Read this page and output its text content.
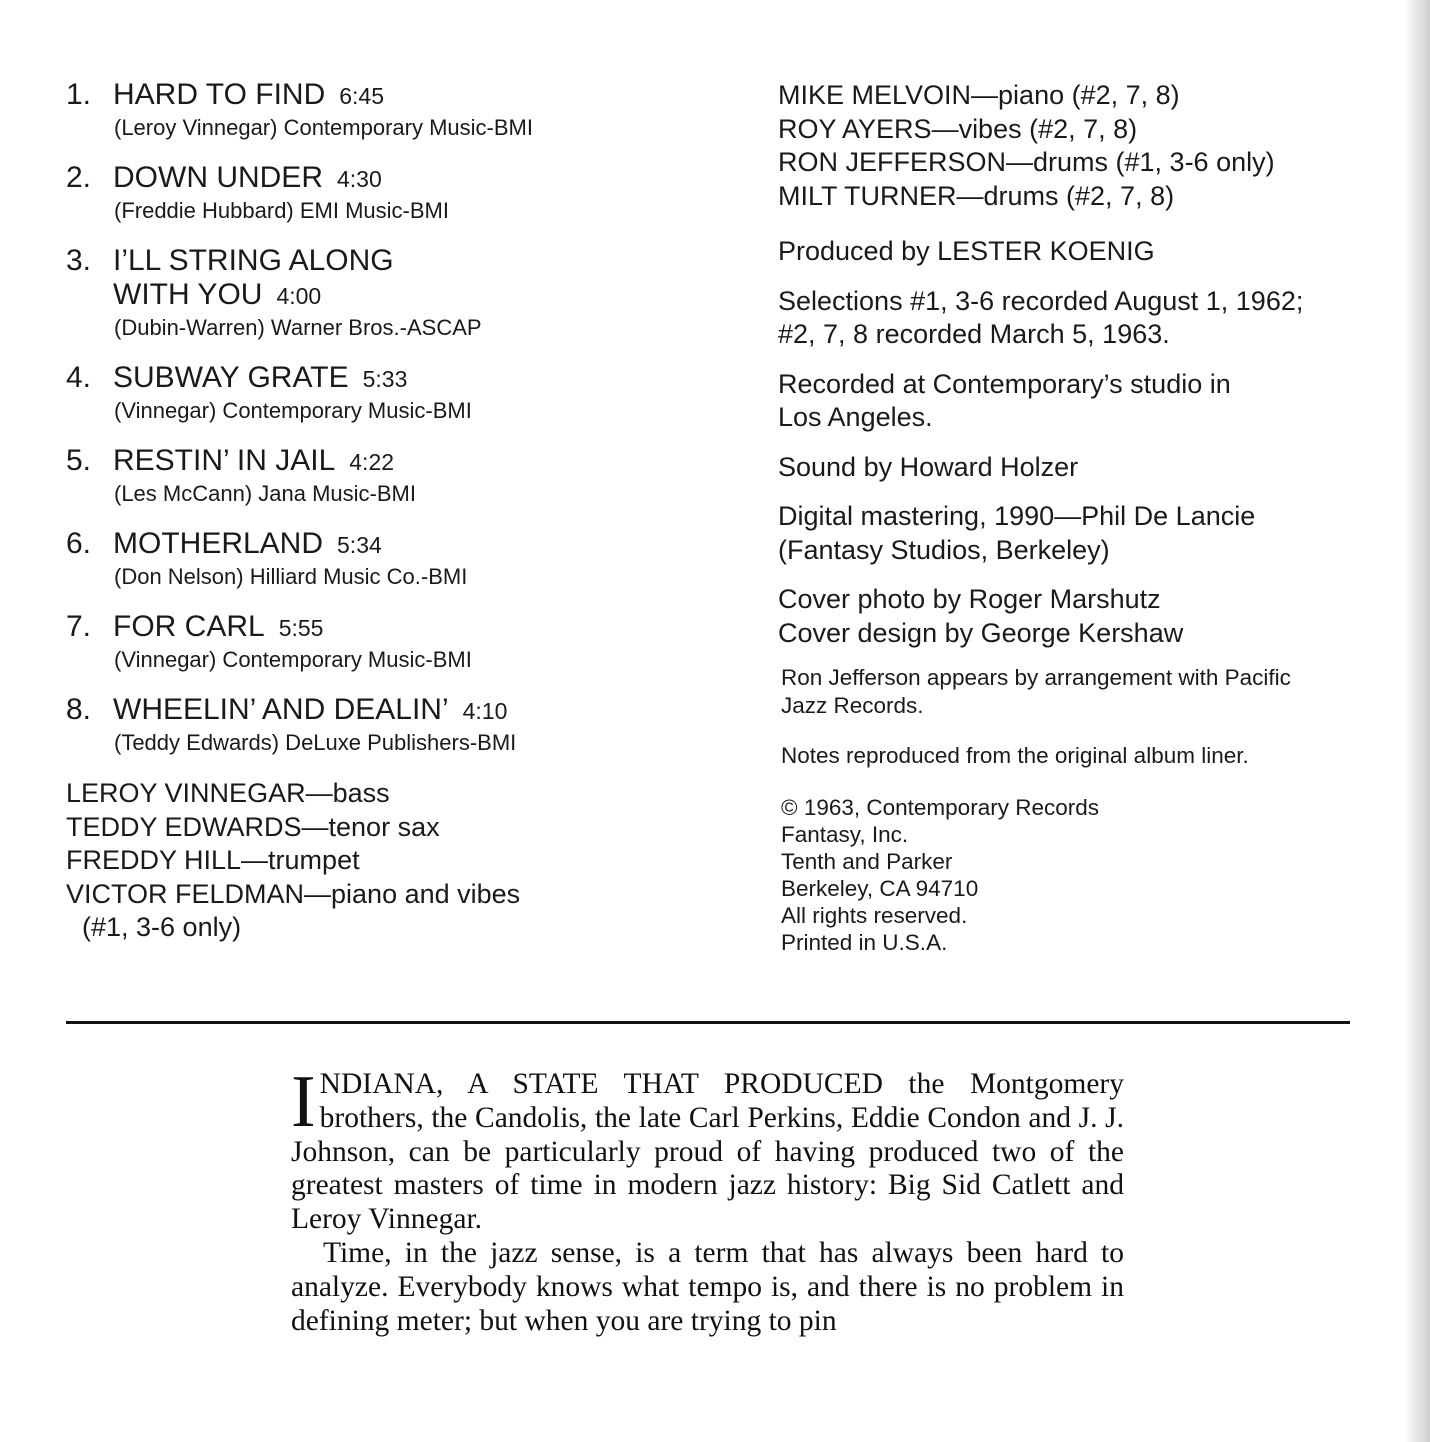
1. HARD TO FIND 6:45
(Leroy Vinnegar) Contemporary Music-BMI
2. DOWN UNDER 4:30
(Freddie Hubbard) EMI Music-BMI
3. I’LL STRING ALONG
WITH YOU 4:00
(Dubin-Warren) Warner Bros.-ASCAP
4. SUBWAY GRATE 5:33
(Vinnegar) Contemporary Music-BMI
5. RESTIN’ IN JAIL 4:22
(Les McCann) Jana Music-BMI
6. MOTHERLAND 5:34
(Don Nelson) Hilliard Music Co.-BMI
7. FOR CARL 5:55
(Vinnegar) Contemporary Music-BMI
8. WHEELIN’ AND DEALIN’ 4:10
(Teddy Edwards) DeLuxe Publishers-BMI
LEROY VINNEGAR—bass
TEDDY EDWARDS—tenor sax
FREDDY HILL—trumpet
VICTOR FELDMAN—piano and vibes
(#1, 3-6 only)
MIKE MELVOIN—piano (#2, 7, 8)
ROY AYERS—vibes (#2, 7, 8)
RON JEFFERSON—drums (#1, 3-6 only)
MILT TURNER—drums (#2, 7, 8)
Produced by LESTER KOENIG
Selections #1, 3-6 recorded August 1, 1962;
#2, 7, 8 recorded March 5, 1963.
Recorded at Contemporary’s studio in
Los Angeles.
Sound by Howard Holzer
Digital mastering, 1990—Phil De Lancie
(Fantasy Studios, Berkeley)
Cover photo by Roger Marshutz
Cover design by George Kershaw
Ron Jefferson appears by arrangement with Pacific
Jazz Records.
Notes reproduced from the original album liner.
© 1963, Contemporary Records
Fantasy, Inc.
Tenth and Parker
Berkeley, CA 94710
All rights reserved.
Printed in U.S.A.

INDIANA, A STATE THAT PRODUCED the Montgomery brothers, the Candolis, the late Carl Perkins, Eddie Condon and J. J. Johnson, can be particularly proud of having produced two of the greatest masters of time in modern jazz history: Big Sid Catlett and Leroy Vinnegar.

Time, in the jazz sense, is a term that has always been hard to analyze. Everybody knows what tempo is, and there is no problem in defining meter; but when you are trying to pin
